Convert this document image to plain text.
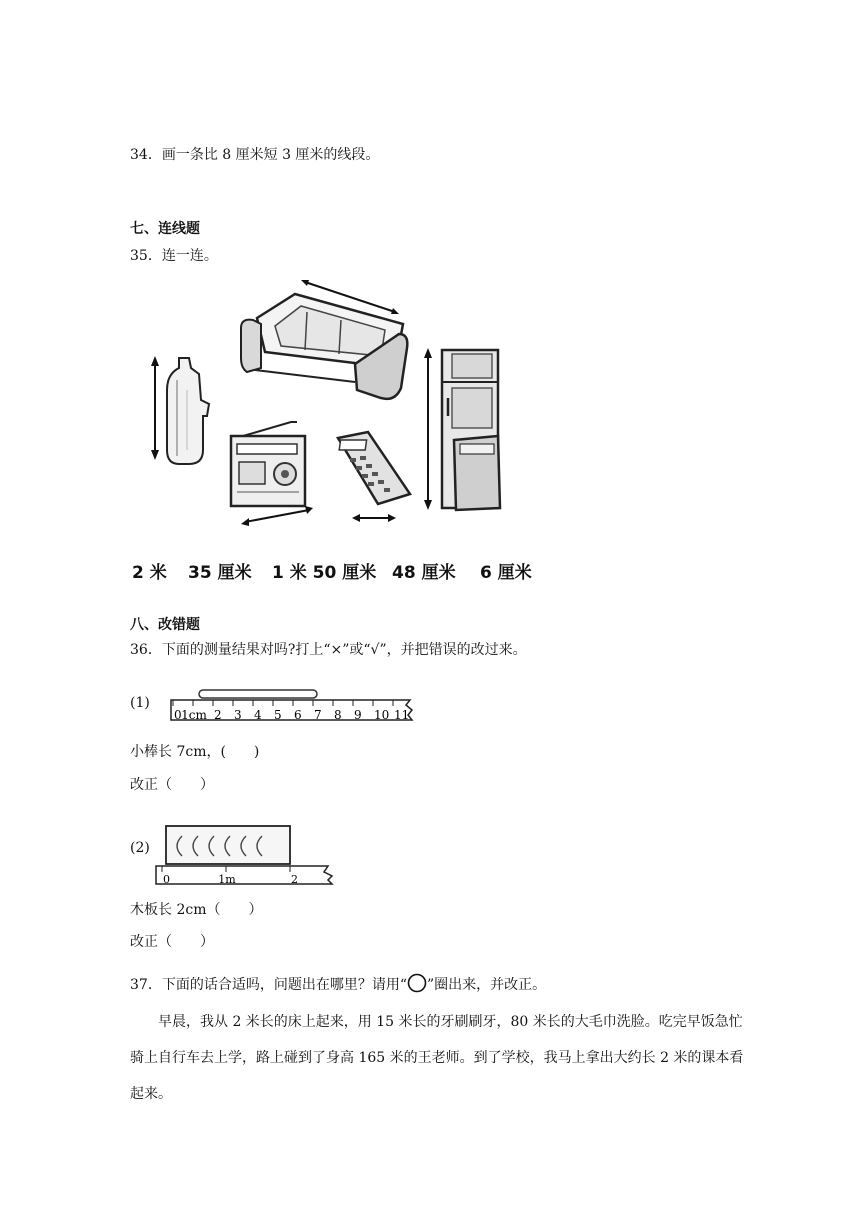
34．画一条比 8 厘米短 3 厘米的线段。
七、连线题
35．连一连。
2 米 35 厘米 1 米 50 厘米 48 厘米 6 厘米
八、改错题
36．下面的测量结果对吗?打上“×”或“√”，并把错误的改过来。
(1)
0 1cm 2 3 4 5 6 7 8 9 10 11
小棒长 7cm，(　　)
改正（　　）
(2)
0	1m	2
木板长 2cm（　　）
改正（　　）
37．下面的话合适吗，问题出在哪里？请用“ ”圈出来，并改正。
早晨，我从 2 米长的床上起来，用 15 米长的牙刷刷牙，80 米长的大毛巾洗脸。吃完早饭急忙骑上自行车去上学，路上碰到了身高 165 米的王老师。到了学校，我马上拿出大约长 2 米的课本看起来。
